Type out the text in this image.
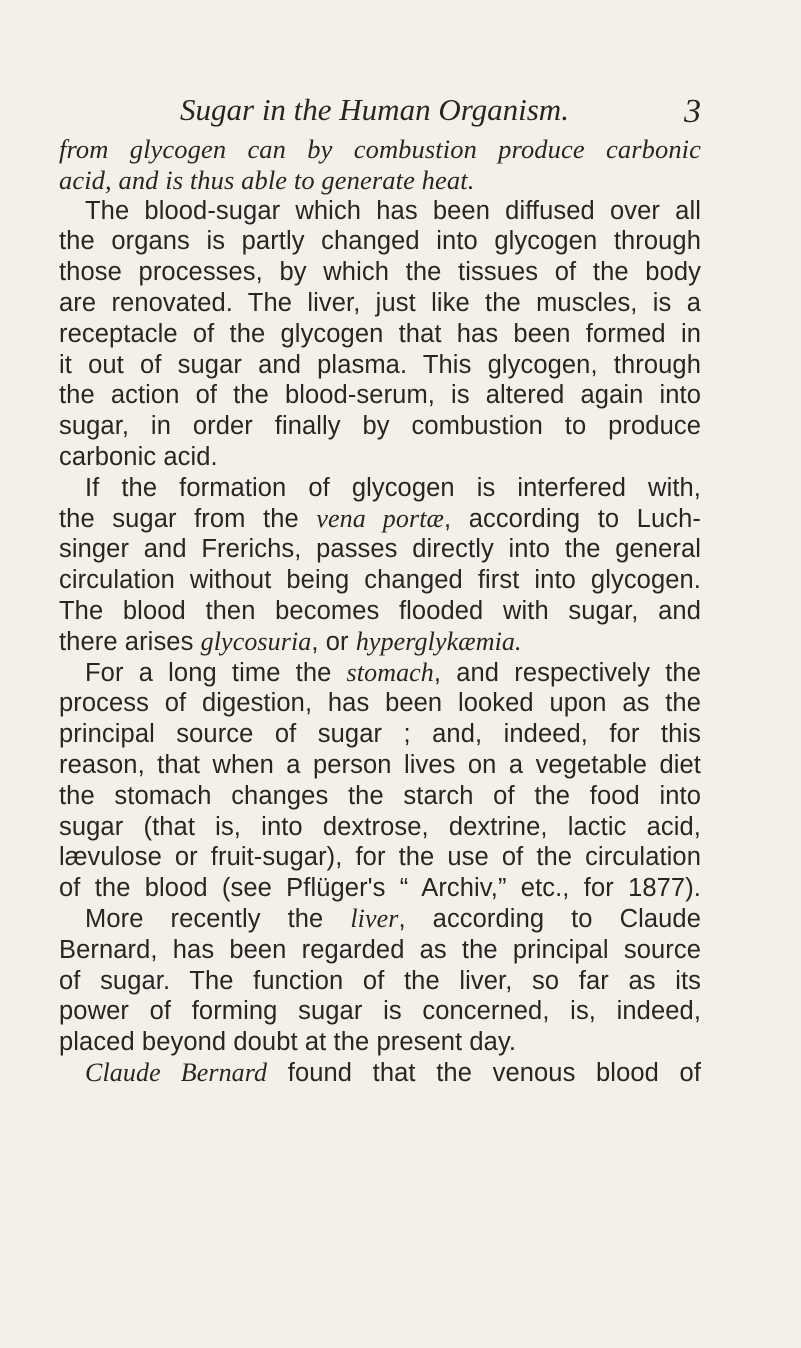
Sugar in the Human Organism.	3
from glycogen can by combustion produce carbonic
acid, and is thus able to generate heat.
The blood-sugar which has been diffused over all
the organs is partly changed into glycogen through
those processes, by which the tissues of the body
are renovated. The liver, just like the muscles, is a
receptacle of the glycogen that has been formed in
it out of sugar and plasma. This glycogen, through
the action of the blood-serum, is altered again into
sugar, in order finally by combustion to produce
carbonic acid.
If the formation of glycogen is interfered with,
the sugar from the vena portæ, according to Luch-
singer and Frerichs, passes directly into the general
circulation without being changed first into glycogen.
The blood then becomes flooded with sugar, and
there arises glycosuria, or hyperglykæmia.
For a long time the stomach, and respectively the
process of digestion, has been looked upon as the
principal source of sugar ; and, indeed, for this
reason, that when a person lives on a vegetable diet
the stomach changes the starch of the food into
sugar (that is, into dextrose, dextrine, lactic acid,
lævulose or fruit-sugar), for the use of the circulation
of the blood (see Pflüger's “ Archiv,” etc., for 1877).
More recently the liver, according to Claude
Bernard, has been regarded as the principal source
of sugar. The function of the liver, so far as its
power of forming sugar is concerned, is, indeed,
placed beyond doubt at the present day.
Claude Bernard found that the venous blood of
